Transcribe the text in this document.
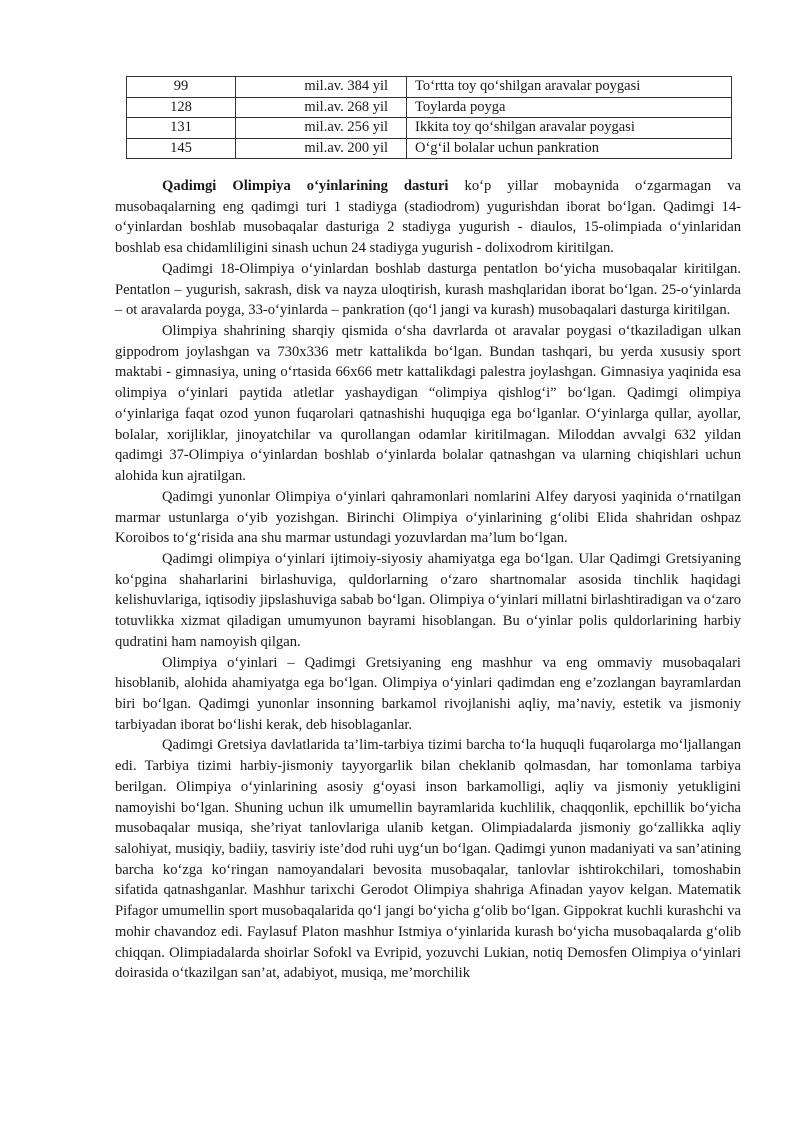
99	mil.av. 384 yil	To‘rtta toy qo‘shilgan aravalar poygasi
128	mil.av. 268 yil	Toylarda poyga
131	mil.av. 256 yil	Ikkita toy qo‘shilgan aravalar poygasi
145	mil.av. 200 yil	O‘g‘il bolalar uchun pankration

Qadimgi Olimpiya o‘yinlarining dasturi ko‘p yillar mobaynida o‘zgarmagan va musobaqalarning eng qadimgi turi 1 stadiyga (stadiodrom) yugurishdan iborat bo‘lgan. Qadimgi 14-o‘yinlardan boshlab musobaqalar dasturiga 2 stadiyga yugurish - diaulos, 15-olimpiada o‘yinlaridan boshlab esa chidamliligini sinash uchun 24 stadiyga yugurish - dolixodrom kiritilgan.

Qadimgi 18-Olimpiya o‘yinlardan boshlab dasturga pentatlon bo‘yicha musobaqalar kiritilgan. Pentatlon – yugurish, sakrash, disk va nayza uloqtirish, kurash mashqlaridan iborat bo‘lgan. 25-o‘yinlarda – ot aravalarda poyga, 33-o‘yinlarda – pankration (qo‘l jangi va kurash) musobaqalari dasturga kiritilgan.

Olimpiya shahrining sharqiy qismida o‘sha davrlarda ot aravalar poygasi o‘tkaziladigan ulkan gippodrom joylashgan va 730x336 metr kattalikda bo‘lgan. Bundan tashqari, bu yerda xususiy sport maktabi - gimnasiya, uning o‘rtasida 66x66 metr kattalikdagi palestra joylashgan. Gimnasiya yaqinida esa olimpiya o‘yinlari paytida atletlar yashaydigan “olimpiya qishlog‘i” bo‘lgan. Qadimgi olimpiya o‘yinlariga faqat ozod yunon fuqarolari qatnashishi huquqiga ega bo‘lganlar. O‘yinlarga qullar, ayollar, bolalar, xorijliklar, jinoyatchilar va qurollangan odamlar kiritilmagan. Miloddan avvalgi 632 yildan qadimgi 37-Olimpiya o‘yinlardan boshlab o‘yinlarda bolalar qatnashgan va ularning chiqishlari uchun alohida kun ajratilgan.

Qadimgi yunonlar Olimpiya o‘yinlari qahramonlari nomlarini Alfey daryosi yaqinida o‘rnatilgan marmar ustunlarga o‘yib yozishgan. Birinchi Olimpiya o‘yinlarining g‘olibi Elida shahridan oshpaz Koroibos to‘g‘risida ana shu marmar ustundagi yozuvlardan ma’lum bo‘lgan.

Qadimgi olimpiya o‘yinlari ijtimoiy-siyosiy ahamiyatga ega bo‘lgan. Ular Qadimgi Gretsiyaning ko‘pgina shaharlarini birlashuviga, quldorlarning o‘zaro shartnomalar asosida tinchlik haqidagi kelishuvlariga, iqtisodiy jipslashuviga sabab bo‘lgan. Olimpiya o‘yinlari millatni birlashtiradigan va o‘zaro totuvlikka xizmat qiladigan umumyunon bayrami hisoblangan. Bu o‘yinlar polis quldorlarining harbiy qudratini ham namoyish qilgan.

Olimpiya o‘yinlari – Qadimgi Gretsiyaning eng mashhur va eng ommaviy musobaqalari hisoblanib, alohida ahamiyatga ega bo‘lgan. Olimpiya o‘yinlari qadimdan eng e’zozlangan bayramlardan biri bo‘lgan. Qadimgi yunonlar insonning barkamol rivojlanishi aqliy, ma’naviy, estetik va jismoniy tarbiyadan iborat bo‘lishi kerak, deb hisoblaganlar.

Qadimgi Gretsiya davlatlarida ta’lim-tarbiya tizimi barcha to‘la huquqli fuqarolarga mo‘ljallangan edi. Tarbiya tizimi harbiy-jismoniy tayyorgarlik bilan cheklanib qolmasdan, har tomonlama tarbiya berilgan. Olimpiya o‘yinlarining asosiy g‘oyasi inson barkamolligi, aqliy va jismoniy yetukligini namoyishi bo‘lgan. Shuning uchun ilk umumellin bayramlarida kuchlilik, chaqqonlik, epchillik bo‘yicha musobaqalar musiqa, she’riyat tanlovlariga ulanib ketgan. Olimpiadalarda jismoniy go‘zallikka aqliy salohiyat, musiqiy, badiiy, tasviriy iste’dod ruhi uyg‘un bo‘lgan. Qadimgi yunon madaniyati va san’atining barcha ko‘zga ko‘ringan namoyandalari bevosita musobaqalar, tanlovlar ishtirokchilari, tomoshabin sifatida qatnashganlar. Mashhur tarixchi Gerodot Olimpiya shahriga Afinadan yayov kelgan. Matematik Pifagor umumellin sport musobaqalarida qo‘l jangi bo‘yicha g‘olib bo‘lgan. Gippokrat kuchli kurashchi va mohir chavandoz edi. Faylasuf Platon mashhur Istmiya o‘yinlarida kurash bo‘yicha musobaqalarda g‘olib chiqqan. Olimpiadalarda shoirlar Sofokl va Evripid, yozuvchi Lukian, notiq Demosfen Olimpiya o‘yinlari doirasida o‘tkazilgan san’at, adabiyot, musiqa, me’morchilik
